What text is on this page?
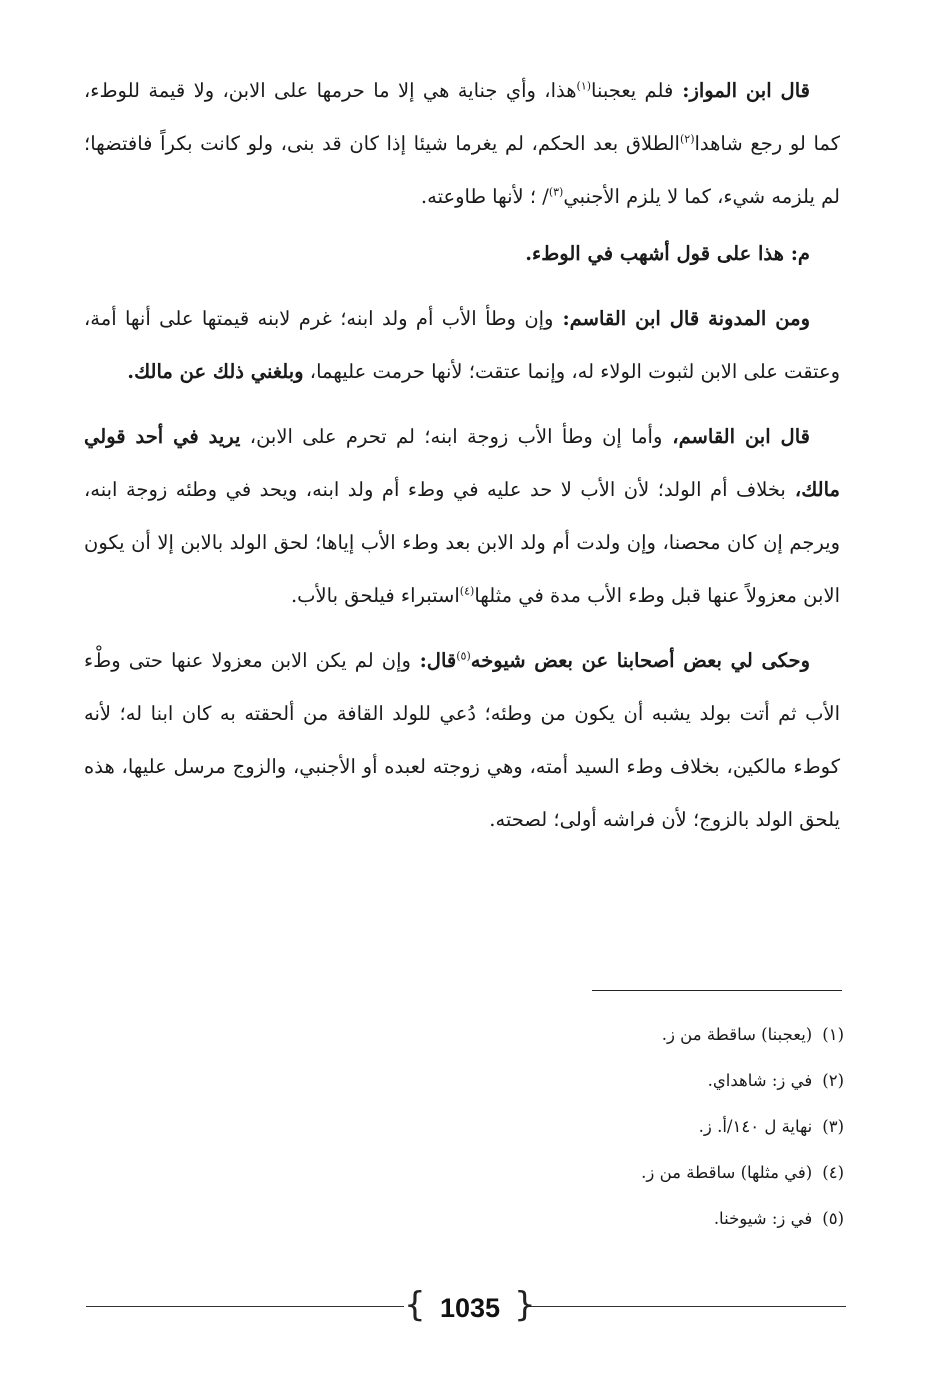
قال ابن المواز: فلم يعجبنا$^{(١)}$هذا، وأي جناية هي إلا ما حرمها على الابن، ولا قيمة للوطء، كما لو رجع شاهدا$^{(٢)}$الطلاق بعد الحكم، لم يغرما شيئا إذا كان قد بنى، ولو كانت بكراً فافتضها؛ لم يلزمه شيء، كما لا يلزم الأجنبي$^{(٣)}$/ ؛ لأنها طاوعته.

م: هذا على قول أشهب في الوطء.

ومن المدونة قال ابن القاسم: وإن وطأ الأب أم ولد ابنه؛ غرم لابنه قيمتها على أنها أمة، وعتقت على الابن لثبوت الولاء له، وإنما عتقت؛ لأنها حرمت عليهما، وبلغني ذلك عن مالك.

قال ابن القاسم، وأما إن وطأ الأب زوجة ابنه؛ لم تحرم على الابن، يريد في أحد قولي مالك، بخلاف أم الولد؛ لأن الأب لا حد عليه في وطء أم ولد ابنه، ويحد في وطئه زوجة ابنه، ويرجم إن كان محصنا، وإن ولدت أم ولد الابن بعد وطء الأب إياها؛ لحق الولد بالابن إلا أن يكون الابن معزولاً عنها قبل وطء الأب مدة في مثلها$^{(٤)}$استبراء فيلحق بالأب.

وحكى لي بعض أصحابنا عن بعض شيوخه$^{(٥)}$قال: وإن لم يكن الابن معزولا عنها حتى وطْء الأب ثم أتت بولد يشبه أن يكون من وطئه؛ دُعي للولد القافة من ألحقته به كان ابنا له؛ لأنه كوطء مالكين، بخلاف وطء السيد أمته، وهي زوجته لعبده أو الأجنبي، والزوج مرسل عليها، هذه يلحق الولد بالزوج؛ لأن فراشه أولى؛ لصحته.

(١)(يعجبنا) ساقطة من ز.
(٢)في ز: شاهداي.
(٣)نهاية ل ١٤٠/أ. ز.
(٤)(في مثلها) ساقطة من ز.
(٥)في ز: شيوخنا.
{	}
1035
